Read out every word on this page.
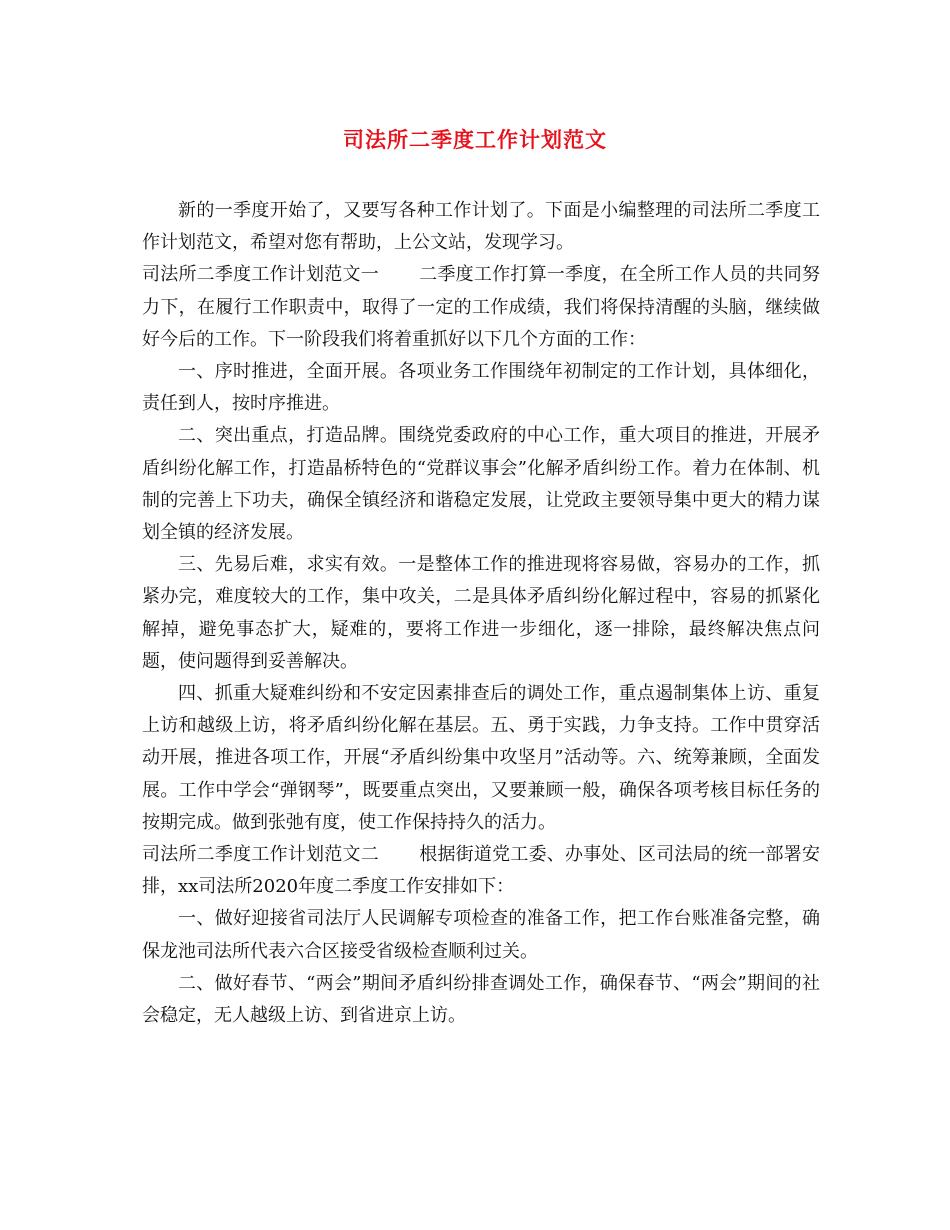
司法所二季度工作计划范文

新的一季度开始了，又要写各种工作计划了。下面是小编整理的司法所二季度工作计划范文，希望对您有帮助，上公文站，发现学习。

司法所二季度工作计划范文一 二季度工作打算一季度，在全所工作人员的共同努力下，在履行工作职责中，取得了一定的工作成绩，我们将保持清醒的头脑，继续做好今后的工作。下一阶段我们将着重抓好以下几个方面的工作：

一、序时推进，全面开展。各项业务工作围绕年初制定的工作计划，具体细化，责任到人，按时序推进。

二、突出重点，打造品牌。围绕党委政府的中心工作，重大项目的推进，开展矛盾纠纷化解工作，打造晶桥特色的“党群议事会”化解矛盾纠纷工作。着力在体制、机制的完善上下功夫，确保全镇经济和谐稳定发展，让党政主要领导集中更大的精力谋划全镇的经济发展。

三、先易后难，求实有效。一是整体工作的推进现将容易做，容易办的工作，抓紧办完，难度较大的工作，集中攻关，二是具体矛盾纠纷化解过程中，容易的抓紧化解掉，避免事态扩大，疑难的，要将工作进一步细化，逐一排除，最终解决焦点问题，使问题得到妥善解决。

四、抓重大疑难纠纷和不安定因素排查后的调处工作，重点遏制集体上访、重复上访和越级上访，将矛盾纠纷化解在基层。五、勇于实践，力争支持。工作中贯穿活动开展，推进各项工作，开展“矛盾纠纷集中攻坚月”活动等。六、统筹兼顾，全面发展。工作中学会“弹钢琴”，既要重点突出，又要兼顾一般，确保各项考核目标任务的按期完成。做到张弛有度，使工作保持持久的活力。

司法所二季度工作计划范文二 根据街道党工委、办事处、区司法局的统一部署安排，xx司法所2020年度二季度工作安排如下：

一、做好迎接省司法厅人民调解专项检查的准备工作，把工作台账准备完整，确保龙池司法所代表六合区接受省级检查顺利过关。

二、做好春节、“两会”期间矛盾纠纷排查调处工作，确保春节、“两会”期间的社会稳定，无人越级上访、到省进京上访。
